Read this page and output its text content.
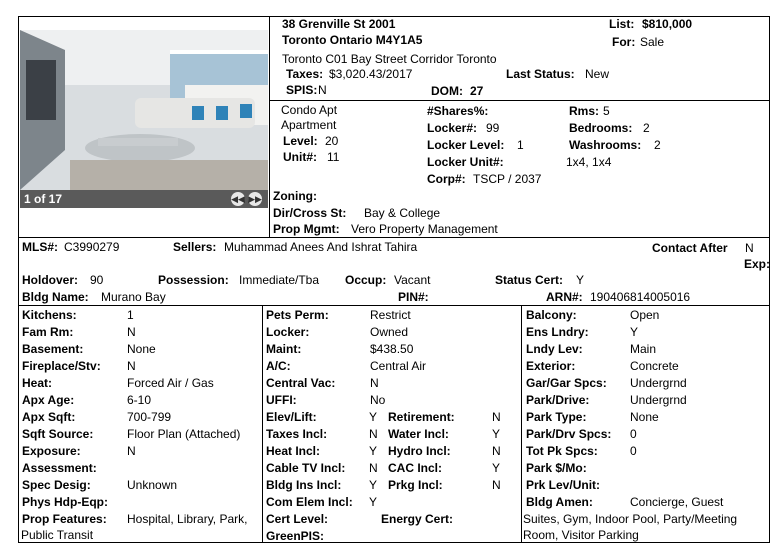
1 of 17	◀◀ ▶▶
38 Grenville St 2001
Toronto Ontario M4Y1A5
Toronto C01 Bay Street Corridor Toronto
Taxes: $3,020.43/2017	Last Status: New
SPIS: N	DOM: 27
List: $810,000
For: Sale
Condo Apt
Apartment
Level: 20
Unit#: 11
#Shares%:
Locker#: 99
Locker Level: 1
Locker Unit#:
Corp#: TSCP / 2037
Rms: 5
Bedrooms: 2
Washrooms: 2
1x4, 1x4
Zoning:
Dir/Cross St: Bay & College
Prop Mgmt: Vero Property Management
MLS#: C3990279	Sellers: Muhammad Anees And Ishrat Tahira	Contact After N
Exp:
Holdover: 90	Possession: Immediate/Tba Occup: Vacant	Status Cert: Y
Bldg Name: Murano Bay	PIN#:	ARN#: 190406814005016
Kitchens:	1
Fam Rm:	N
Basement:	None
Fireplace/Stv: N
Heat:	Forced Air / Gas
Apx Age:	6-10
Apx Sqft:	700-799
Sqft Source:	Floor Plan (Attached)
Exposure:	N
Assessment:
Spec Desig:	Unknown
Phys Hdp-Eqp:
Prop Features: Hospital, Library, Park,
Public Transit
Pets Perm:	Restrict
Locker:	Owned
Maint:	$438.50
A/C:	Central Air
Central Vac:	N
UFFI:	No
Elev/Lift:	Y Retirement:	N
Taxes Incl:	N Water Incl:	Y
Heat Incl:	Y Hydro Incl:	N
Cable TV Incl: N CAC Incl:	Y
Bldg Ins Incl: Y Prkg Incl:	N
Com Elem Incl: Y
Cert Level:	Energy Cert:
GreenPIS:
Balcony:	Open
Ens Lndry:	Y
Lndy Lev:	Main
Exterior:	Concrete
Gar/Gar Spcs: Undergrnd
Park/Drive:	Undergrnd
Park Type:	None
Park/Drv Spcs: 0
Tot Pk Spcs:	0
Park $/Mo:
Prk Lev/Unit:
Bldg Amen:	Concierge, Guest
Suites, Gym, Indoor Pool, Party/Meeting
Room, Visitor Parking
